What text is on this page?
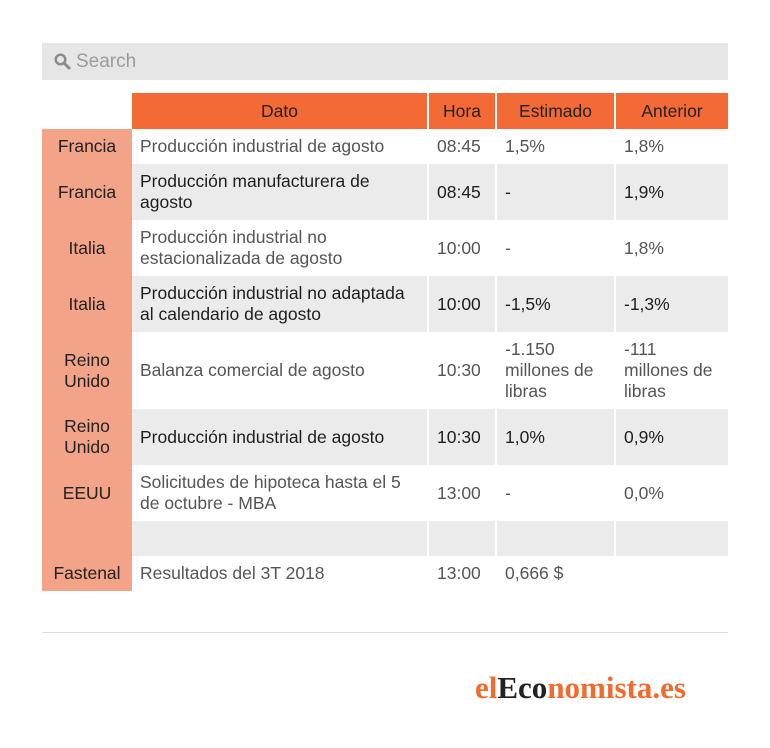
Search
	Dato	Hora	Estimado	Anterior
Francia	Producción industrial de agosto	08:45	1,5%	1,8%
Francia	Producción manufacturera de agosto	08:45	-	1,9%
Italia	Producción industrial no estacionalizada de agosto	10:00	-	1,8%
Italia	Producción industrial no adaptada al calendario de agosto	10:00	-1,5%	-1,3%
Reino Unido	Balanza comercial de agosto	10:30	-1.150 millones de libras	-111 millones de libras
Reino Unido	Producción industrial de agosto	10:30	1,0%	0,9%
EEUU	Solicitudes de hipoteca hasta el 5 de octubre - MBA	13:00	-	0,0%

Fastenal	Resultados del 3T 2018	13:00	0,666 $	
elEconomista.es
